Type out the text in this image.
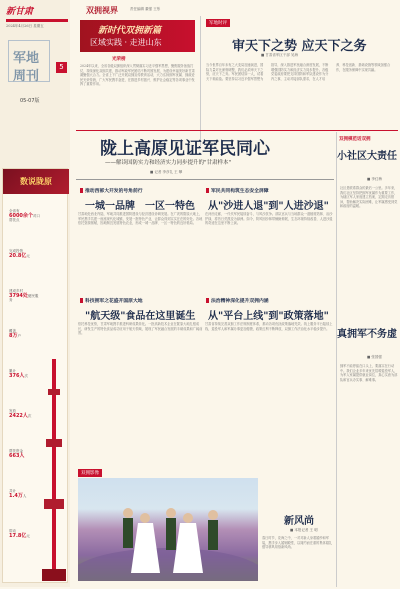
新甘肃
2024年4月26日 星期五
军地
周刊
5
05-07版
数说陇原
全省有
6000余个对口帮扶点
完成投资
20.8亿元
建成乡村
3794处便民服务
覆盖
8万户
累计
376人次
发放
2422人次
帮扶资金
663人
共计
1.4万人
带动
17.8亿元
双拥视界	责任编辑 董强 王彤
新时代双拥新篇
区域实践 · 走进山东
光荣榜
2024年以来，全省各级双拥组织深入贯彻落实习近平强军思想，聚焦服务备战打仗，持续深化双拥共建，推动军政军民团结不断巩固发展，为建设幸福美好新甘肃凝聚强大合力。全省上下广泛开展双拥宣传教育活动，大力弘扬拥军优属、拥政爱民光荣传统，广大军民携手奋进，在推进乡村振兴、维护社会稳定等各项事业中发挥了重要作用。
军地时评
审天下之势 应天下之务
■ 甘肃省军区干部 吴海
当今世界百年未有之大变局加速演进，国际力量对比深刻调整，我们必须审天下之势，应天下之务。军民团结如一人，试看天下谁能敌。要坚持以习近平强军思想为指导，深入推进军民融合深度发展，不断增强国防实力和经济实力同步提升。各级党委政府要把支持国防和军队建设作为分内之事，主动对接部队需求，在人才培养、科技创新、基础设施等领域加强合作，在服务保障中实现共赢。
陇上高原见证军民同心
——解读国防实力和经济实力同步提升的"甘肃样本"
■ 记者 李彦礼 王 攀
推动西部大开发的号角前行
一城一品牌　一区一特色
甘肃地处西北内陆，军地共同推进国防建设与经济建设协调发展。在广袤的陇原大地上，军民携手共建一座座现代化城镇，发展一批特色产业，让群众得到实实在在的好处。各地依托资源禀赋，因地制宜发展特色农业，形成一城一品牌、一区一特色的良好格局。
军民共同构筑生态安全屏障
从"沙进人退"到"人进沙退"
在河西走廊，一代代军民接续奋斗，与风沙抗争。部队官兵与当地群众一道植树造林、治沙护绿，将昔日荒漠变为绿洲。如今，防风固沙林带蜿蜒伸展，生态环境持续改善，人进沙退的奇迹在这里不断上演。
科技拥军之花盛开国原大地
"航天级"食品在这里诞生
依托科技优势，甘肃军地携手推进科研成果转化。一批高新技术企业在陇原大地扎根成长，研发生产的特色食品成功应用于航天领域，展现了军民融合发展的丰硕成果和广阔前景。
法治精神深化提升双拥内涵
从"平台上线"到"政策落地"
甘肃省持续完善双拥工作法规制度体系，推动各项优抚政策落地见效。线上服务平台陆续上线，退役军人和军属办事更加便捷，政策红利不断释放，双拥工作法治化水平稳步提升。
双拥模范话双拥
小社区大责任
■ 李红梅
社区是联系群众的最后一公里。多年来，我们社区坚持把拥军优属作为重要工作，为辖区军人家庭建立档案，定期走访慰问，帮助解决实际困难，让军属感受到党和政府的温暖。
真拥军不务虚
■ 张国强
拥军不能停留在口头上，要落实在行动中。我们企业多年来优先招聘退役军人，为军人家属提供就业岗位，真心实意为部队和官兵办实事、解难事。
双拥影像
新风尚
■ 本报记者 王 明
春日时节，花海之中，一对对新人身着婚纱和军装，携手步入婚姻殿堂，以简约而庄重的集体婚礼倡导移风易俗新风尚。
